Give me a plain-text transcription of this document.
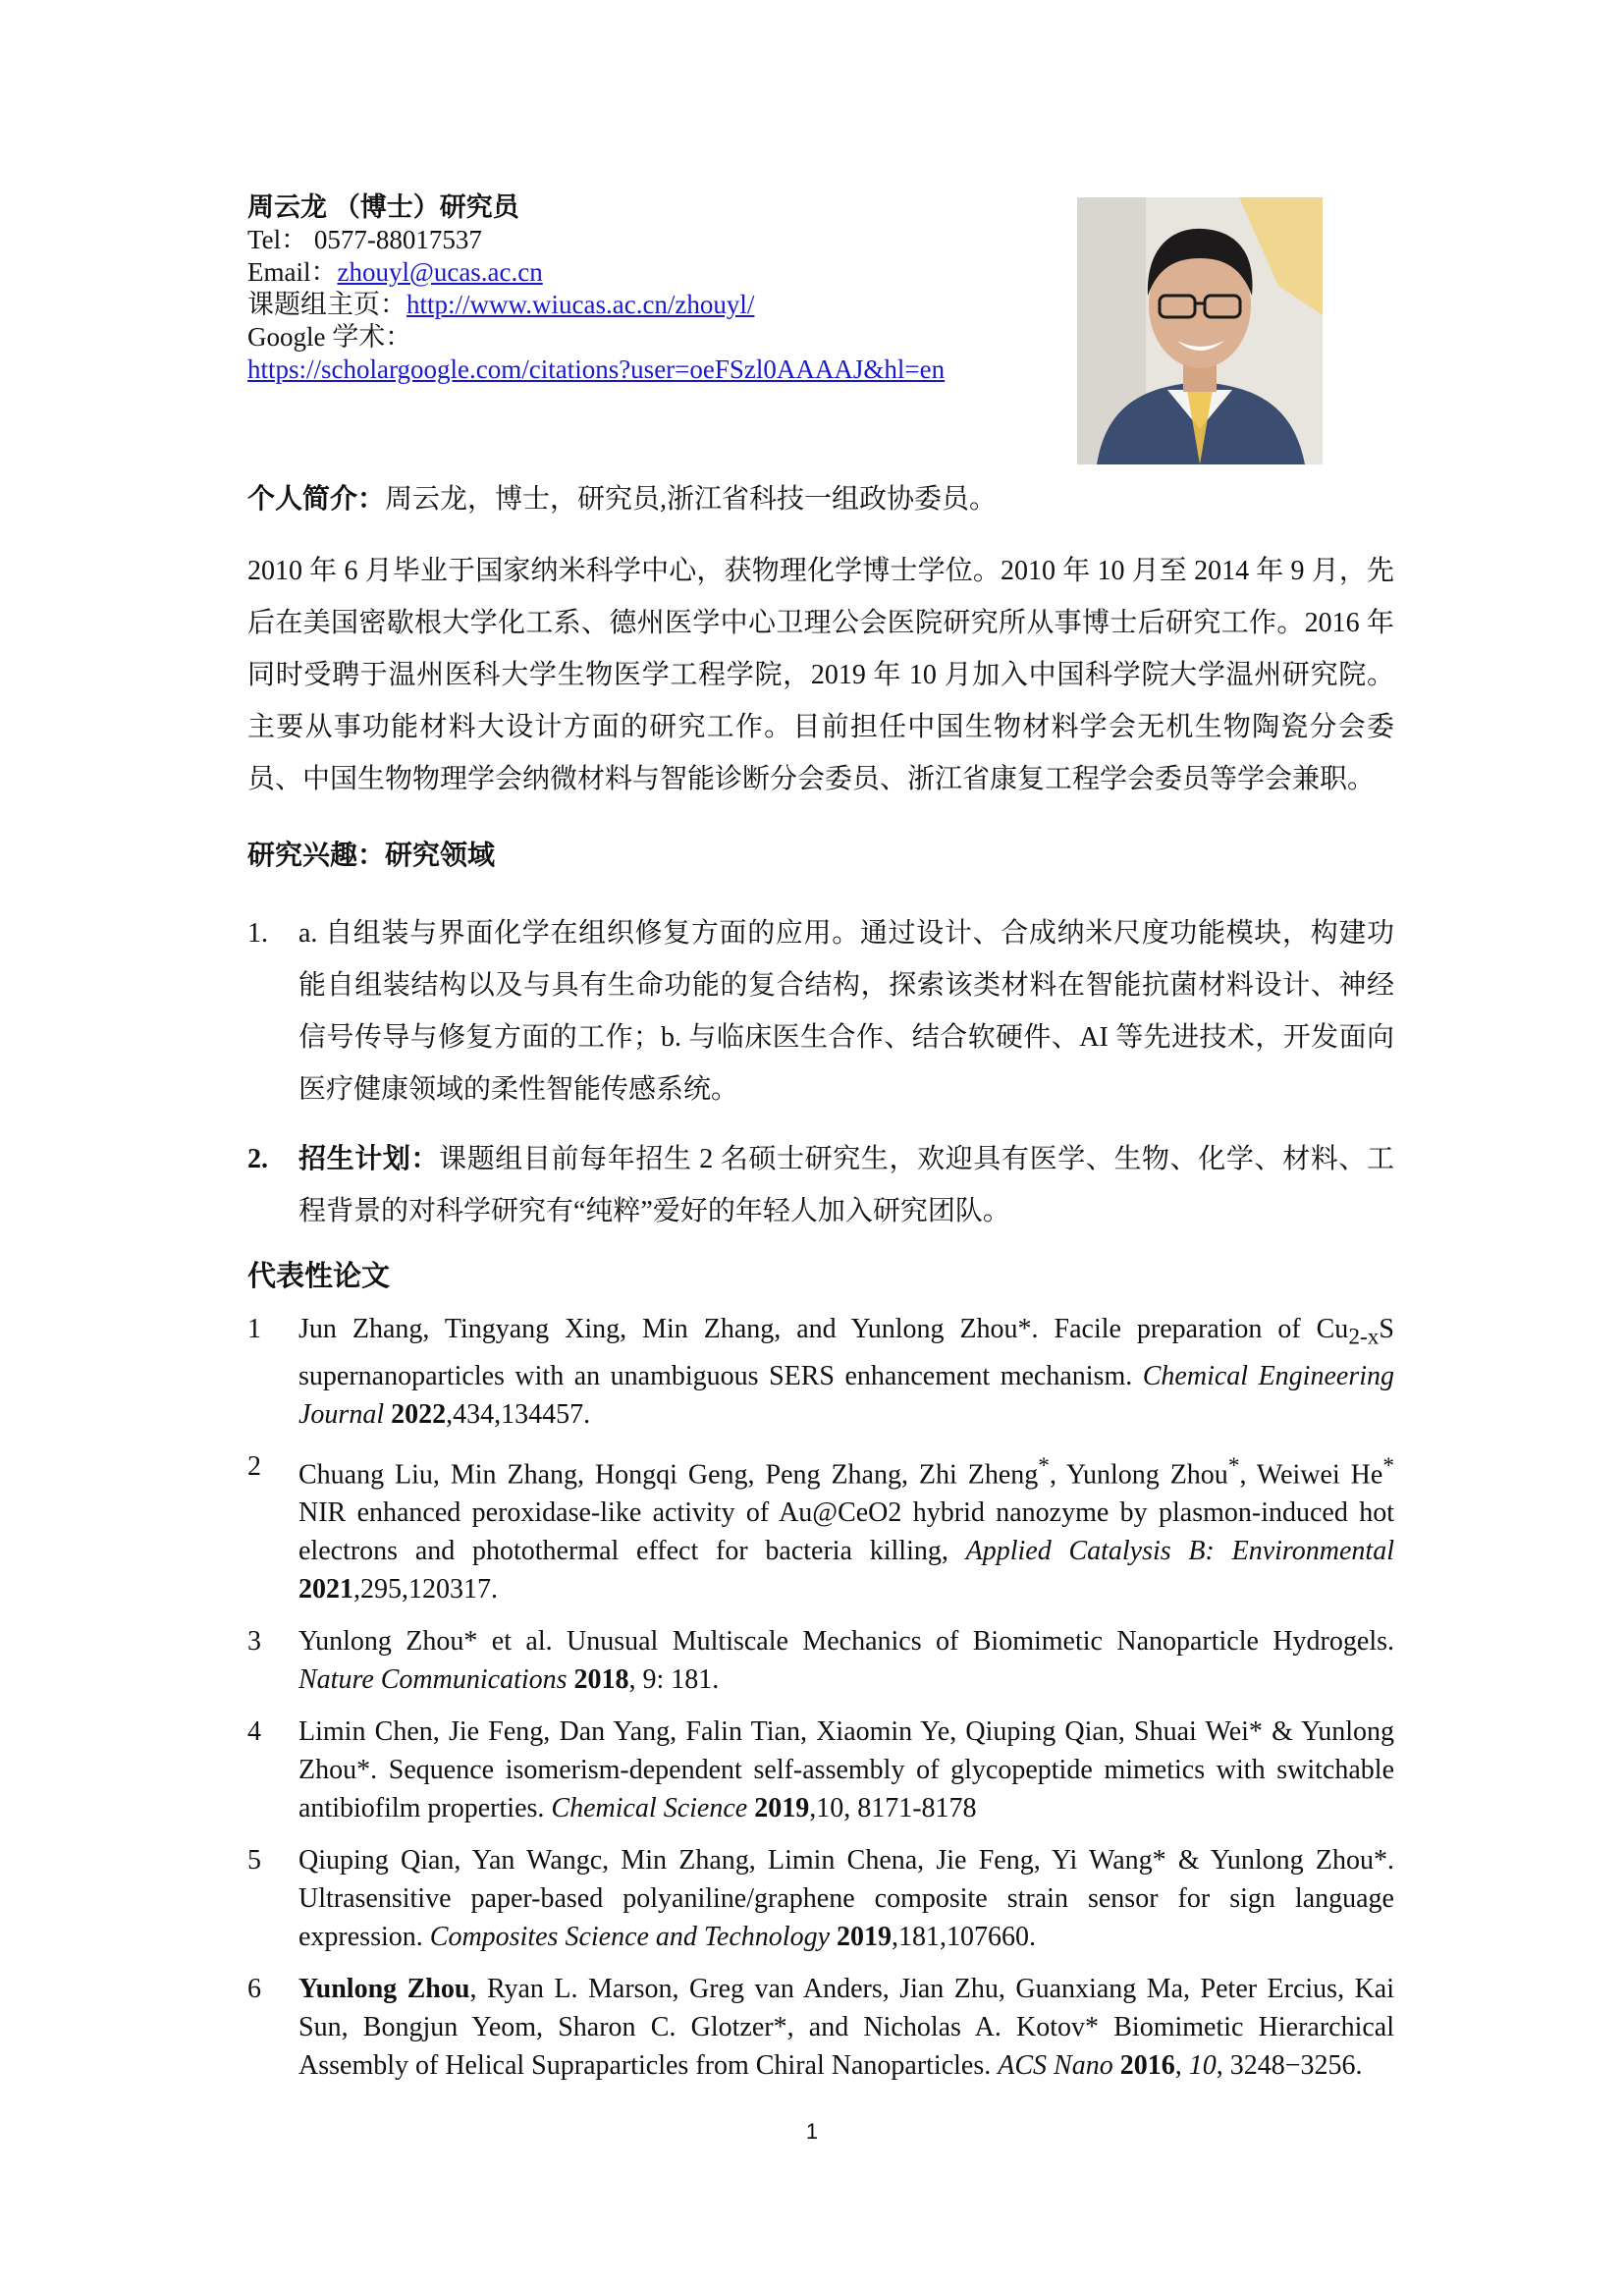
周云龙 （博士）研究员
Tel： 0577-88017537
Email：zhouyl@ucas.ac.cn
课题组主页：http://www.wiucas.ac.cn/zhouyl/
Google 学术：
https://scholargoogle.com/citations?user=oeFSzl0AAAAJ&hl=en
个人简介：周云龙，博士，研究员,浙江省科技一组政协委员。
2010 年 6 月毕业于国家纳米科学中心，获物理化学博士学位。2010 年 10 月至 2014 年 9 月，先后在美国密歇根大学化工系、德州医学中心卫理公会医院研究所从事博士后研究工作。2016 年同时受聘于温州医科大学生物医学工程学院，2019 年 10 月加入中国科学院大学温州研究院。主要从事功能材料大设计方面的研究工作。目前担任中国生物材料学会无机生物陶瓷分会委员、中国生物物理学会纳微材料与智能诊断分会委员、浙江省康复工程学会委员等学会兼职。
研究兴趣：研究领域
1. a. 自组装与界面化学在组织修复方面的应用。通过设计、合成纳米尺度功能模块，构建功能自组装结构以及与具有生命功能的复合结构，探索该类材料在智能抗菌材料设计、神经信号传导与修复方面的工作；b. 与临床医生合作、结合软硬件、AI 等先进技术，开发面向医疗健康领域的柔性智能传感系统。
2. 招生计划：课题组目前每年招生 2 名硕士研究生，欢迎具有医学、生物、化学、材料、工程背景的对科学研究有“纯粹”爱好的年轻人加入研究团队。
代表性论文
1 Jun Zhang, Tingyang Xing, Min Zhang, and Yunlong Zhou*. Facile preparation of $Cu_{2-x}S$ supernanoparticles with an unambiguous SERS enhancement mechanism. Chemical Engineering Journal 2022,434,134457.
2 Chuang Liu, Min Zhang, Hongqi Geng, Peng Zhang, Zhi Zheng*, Yunlong Zhou*, Weiwei He* NIR enhanced peroxidase-like activity of Au@CeO2 hybrid nanozyme by plasmon-induced hot electrons and photothermal effect for bacteria killing, Applied Catalysis B: Environmental 2021,295,120317.
3 Yunlong Zhou* et al. Unusual Multiscale Mechanics of Biomimetic Nanoparticle Hydrogels. Nature Communications 2018, 9: 181.
4 Limin Chen, Jie Feng, Dan Yang, Falin Tian, Xiaomin Ye, Qiuping Qian, Shuai Wei* & Yunlong Zhou*. Sequence isomerism-dependent self-assembly of glycopeptide mimetics with switchable antibiofilm properties. Chemical Science 2019,10, 8171-8178
5 Qiuping Qian, Yan Wangc, Min Zhang, Limin Chena, Jie Feng, Yi Wang* & Yunlong Zhou*. Ultrasensitive paper-based polyaniline/graphene composite strain sensor for sign language expression. Composites Science and Technology 2019,181,107660.
6 Yunlong Zhou, Ryan L. Marson, Greg van Anders, Jian Zhu, Guanxiang Ma, Peter Ercius, Kai Sun, Bongjun Yeom, Sharon C. Glotzer*, and Nicholas A. Kotov* Biomimetic Hierarchical Assembly of Helical Supraparticles from Chiral Nanoparticles. ACS Nano 2016, 10, 3248−3256.
1
